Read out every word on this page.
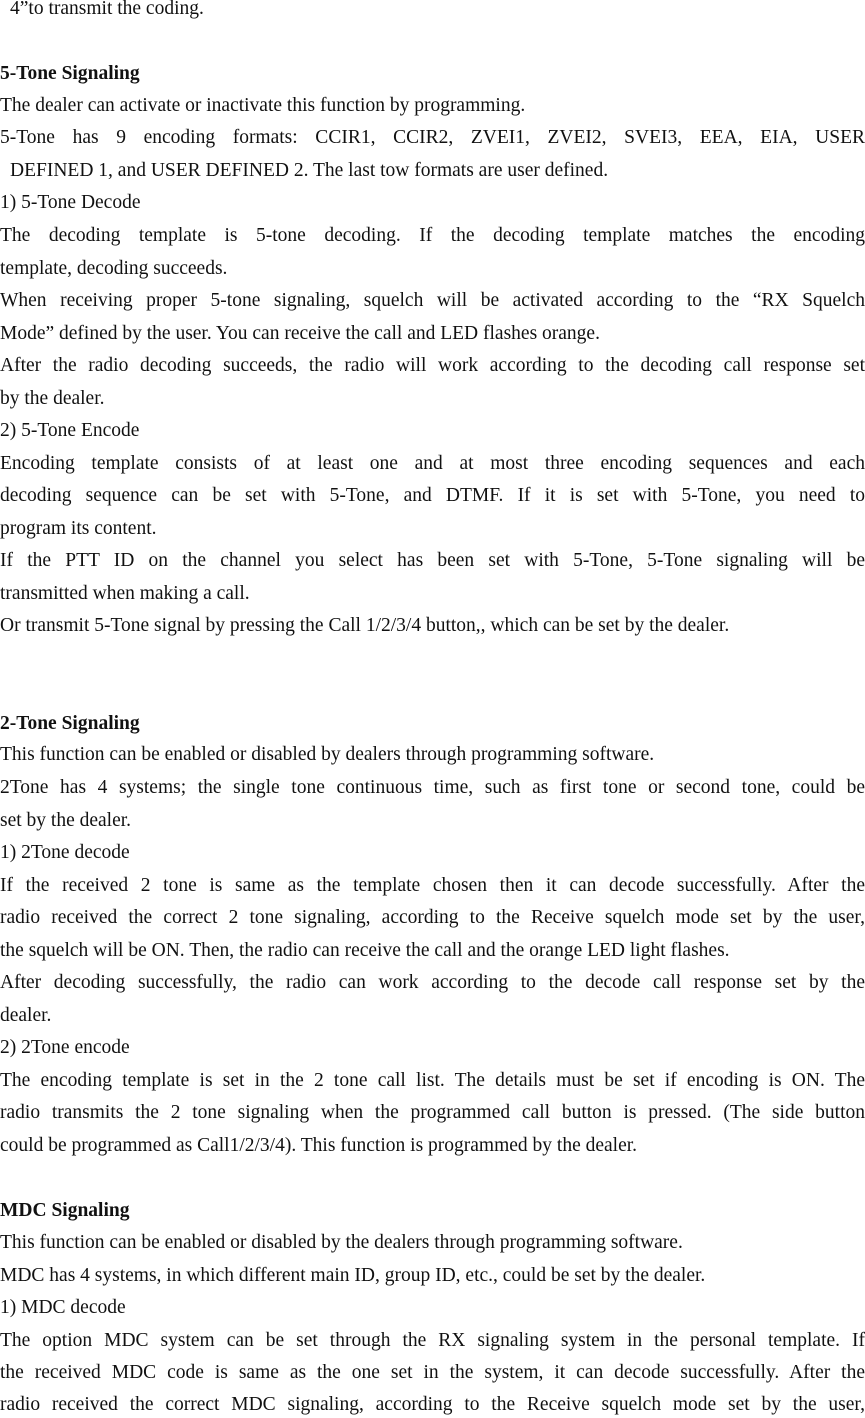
4”to transmit the coding.
5-Tone Signaling
The dealer can activate or inactivate this function by programming.
5-Tone has 9 encoding formats: CCIR1, CCIR2, ZVEI1, ZVEI2, SVEI3, EEA, EIA, USER
DEFINED 1, and USER DEFINED 2. The last tow formats are user defined.
1) 5-Tone Decode
The decoding template is 5-tone decoding. If the decoding template matches the encoding
template, decoding succeeds.
When receiving proper 5-tone signaling, squelch will be activated according to the “RX Squelch
Mode” defined by the user. You can receive the call and LED flashes orange.
After the radio decoding succeeds, the radio will work according to the decoding call response set
by the dealer.
2) 5-Tone Encode
Encoding template consists of at least one and at most three encoding sequences and each
decoding sequence can be set with 5-Tone, and DTMF. If it is set with 5-Tone, you need to
program its content.
If the PTT ID on the channel you select has been set with 5-Tone, 5-Tone signaling will be
transmitted when making a call.
Or transmit 5-Tone signal by pressing the Call 1/2/3/4 button,, which can be set by the dealer.
2-Tone Signaling
This function can be enabled or disabled by dealers through programming software.
2Tone has 4 systems; the single tone continuous time, such as first tone or second tone, could be
set by the dealer.
1) 2Tone decode
If the received 2 tone is same as the template chosen then it can decode successfully. After the
radio received the correct 2 tone signaling, according to the Receive squelch mode set by the user,
the squelch will be ON. Then, the radio can receive the call and the orange LED light flashes.
After decoding successfully, the radio can work according to the decode call response set by the
dealer.
2) 2Tone encode
The encoding template is set in the 2 tone call list. The details must be set if encoding is ON. The
radio transmits the 2 tone signaling when the programmed call button is pressed. (The side button
could be programmed as Call1/2/3/4). This function is programmed by the dealer.
MDC Signaling
This function can be enabled or disabled by the dealers through programming software.
MDC has 4 systems, in which different main ID, group ID, etc., could be set by the dealer.
1) MDC decode
The option MDC system can be set through the RX signaling system in the personal template. If
the received MDC code is same as the one set in the system, it can decode successfully. After the
radio received the correct MDC signaling, according to the Receive squelch mode set by the user,
